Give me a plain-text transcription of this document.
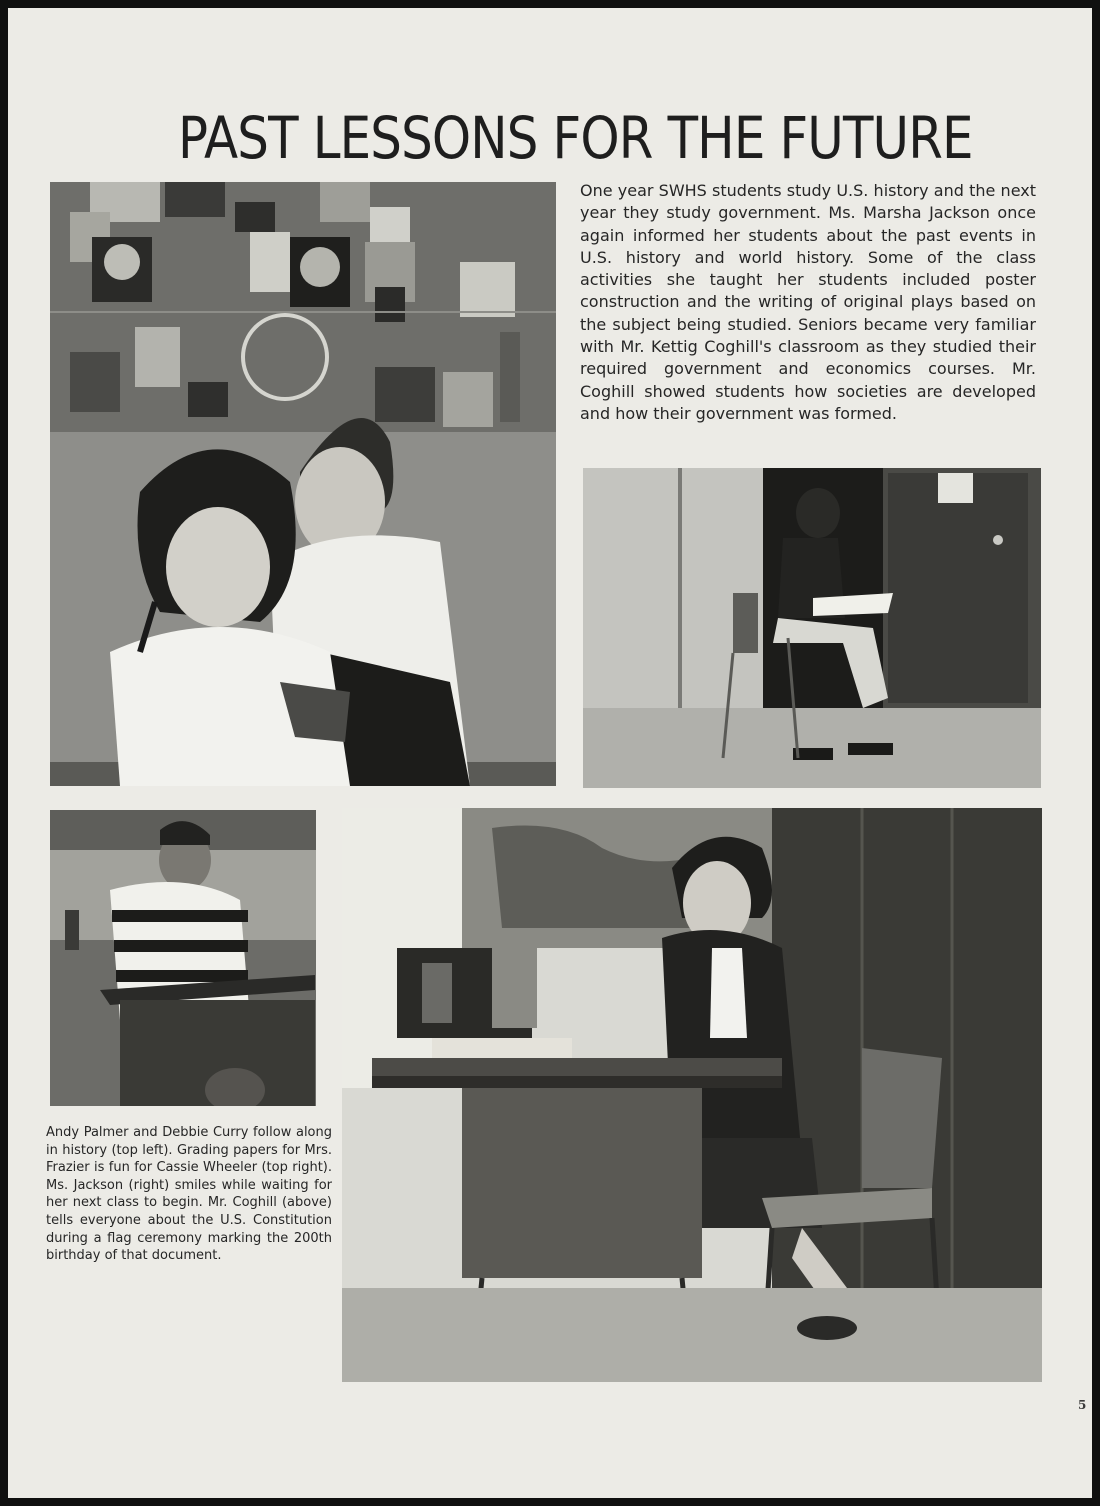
PAST LESSONS FOR THE FUTURE

One year SWHS students study U.S. history and the next year they study government. Ms. Marsha Jackson once again informed her students about the past events in U.S. history and world history. Some of the class activities she taught her students included poster construction and the writing of original plays based on the subject being studied. Seniors became very familiar with Mr. Kettig Coghill's classroom as they studied their required government and economics courses. Mr. Coghill showed students how societies are developed and how their government was formed.

Andy Palmer and Debbie Curry follow along in history (top left). Grading papers for Mrs. Frazier is fun for Cassie Wheeler (top right). Ms. Jackson (right) smiles while waiting for her next class to begin. Mr. Coghill (above) tells everyone about the U.S. Constitution during a flag ceremony marking the 200th birthday of that document.

5
